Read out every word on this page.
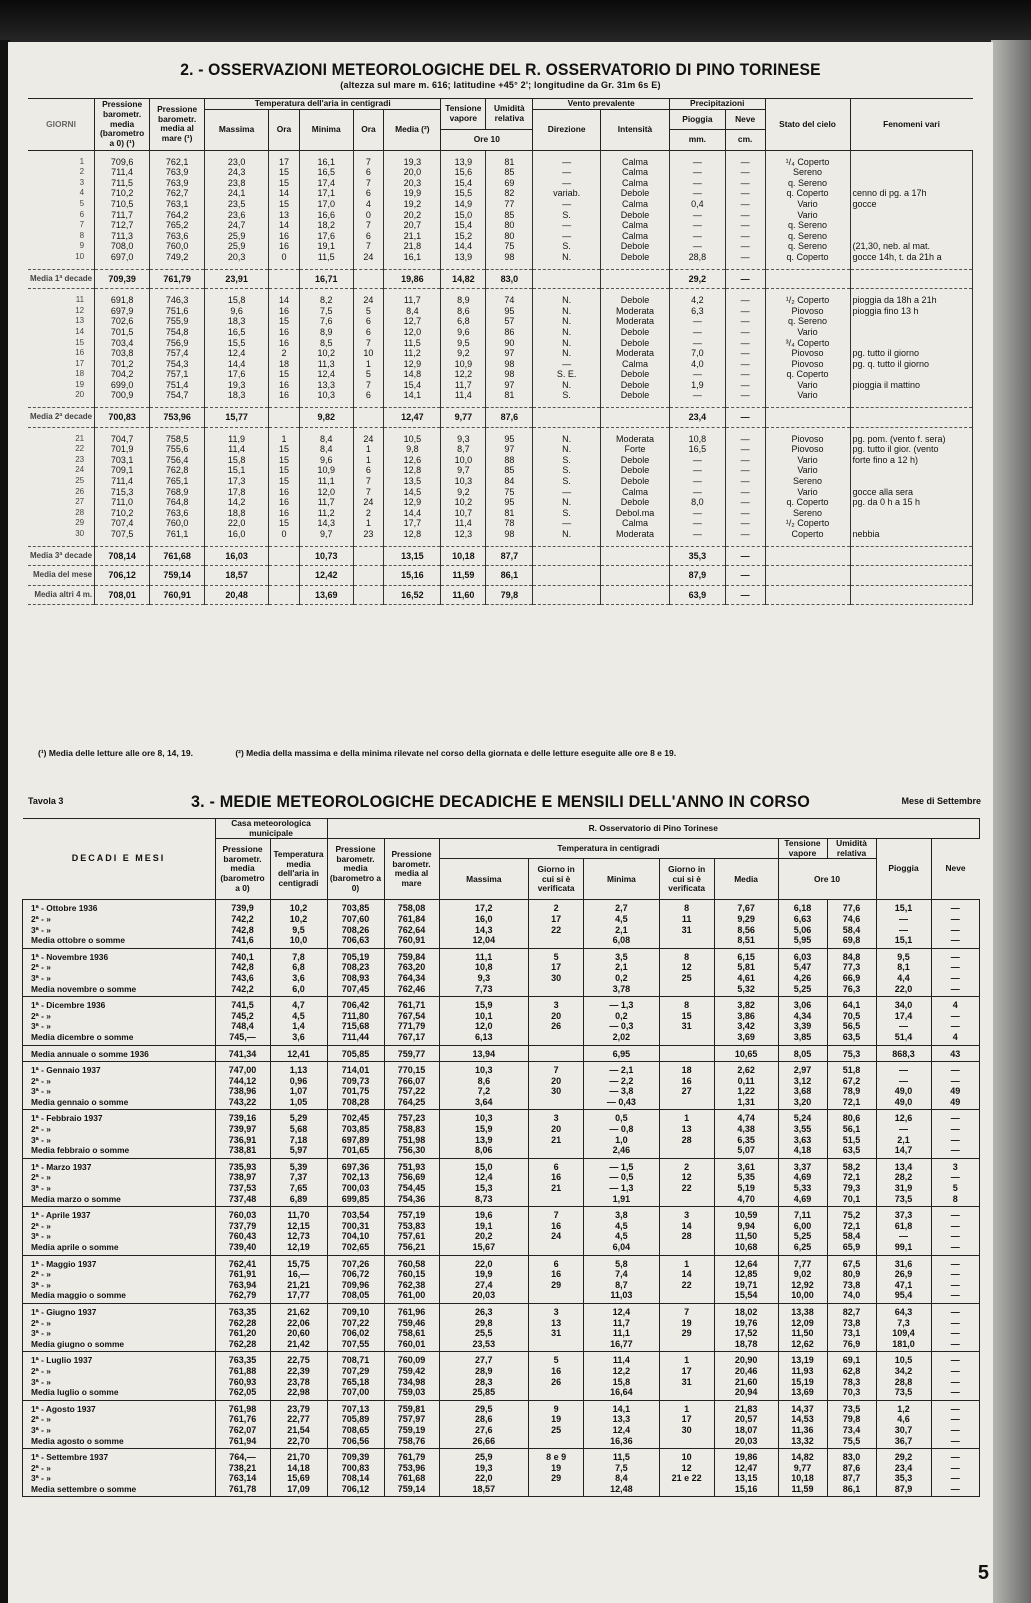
2. - OSSERVAZIONI METEOROLOGICHE DEL R. OSSERVATORIO DI PINO TORINESE
(altezza sul mare m. 616; latitudine +45° 2'; longitudine da Gr. 31m 6s E)
GIORNI	Pressione barometr. media (barometro a 0) (¹)	Pressione barometr. media al mare (¹)	Temperatura dell'aria in centigradi					Tensione vapore	Umidità relativa	Vento prevalente		Precipitazioni		Stato del cielo	Fenomeni vari
			Massima	Ora	Minima	Ora	Media (²)			Direzione	Intensità	Pioggia	Neve		
								Ore 10				mm.	cm.		
1	709,6	762,1	23,0	17	16,1	7	19,3	13,9	81	—	Calma	—	—	¹/₄ Coperto	
2	711,4	763,9	24,3	15	16,5	6	20,0	15,6	85	—	Calma	—	—	Sereno	
3	711,5	763,9	23,8	15	17,4	7	20,3	15,4	69	—	Calma	—	—	q. Sereno	
4	710,2	762,7	24,1	14	17,1	6	19,9	15,5	82	variab.	Debole	—	—	q. Coperto	cenno di pg. a 17h
5	710,5	763,1	23,5	15	17,0	4	19,2	14,9	77	—	Calma	0,4	—	Vario	gocce
6	711,7	764,2	23,6	13	16,6	0	20,2	15,0	85	S.	Debole	—	—	Vario	
7	712,7	765,2	24,7	14	18,2	7	20,7	15,4	80	—	Calma	—	—	q. Sereno	
8	711,3	763,6	25,9	16	17,6	6	21,1	15,2	80	—	Calma	—	—	q. Sereno	
9	708,0	760,0	25,9	16	19,1	7	21,8	14,4	75	S.	Debole	—	—	q. Sereno	(21,30, neb. al mat.
10	697,0	749,2	20,3	0	11,5	24	16,1	13,9	98	N.	Debole	28,8	—	q. Coperto	gocce 14h, t. da 21h a
Media 1ª decade	709,39	761,79	23,91		16,71		19,86	14,82	83,0			29,2	—		
11	691,8	746,3	15,8	14	8,2	24	11,7	8,9	74	N.	Debole	4,2	—	¹/₂ Coperto	pioggia da 18h a 21h
12	697,9	751,6	9,6	16	7,5	5	8,4	8,6	95	N.	Moderata	6,3	—	Piovoso	pioggia fino 13 h
13	702,6	755,9	18,3	15	7,6	6	12,7	6,8	57	N.	Moderata	—	—	q. Sereno	
14	701,5	754,8	16,5	16	8,9	6	12,0	9,6	86	N.	Debole	—	—	Vario	
15	703,4	756,9	15,5	16	8,5	7	11,5	9,5	90	N.	Debole	—	—	³/₄ Coperto	
16	703,8	757,4	12,4	2	10,2	10	11,2	9,2	97	N.	Moderata	7,0	—	Piovoso	pg. tutto il giorno
17	701,2	754,3	14,4	18	11,3	1	12,9	10,9	98	—	Calma	4,0	—	Piovoso	pg. q. tutto il giorno
18	704,2	757,1	17,6	15	12,4	5	14,8	12,2	98	S. E.	Debole	—	—	q. Coperto	
19	699,0	751,4	19,3	16	13,3	7	15,4	11,7	97	N.	Debole	1,9	—	Vario	pioggia il mattino
20	700,9	754,7	18,3	16	10,3	6	14,1	11,4	81	S.	Debole	—	—	Vario	
Media 2ª decade	700,83	753,96	15,77		9,82		12,47	9,77	87,6			23,4	—		
21	704,7	758,5	11,9	1	8,4	24	10,5	9,3	95	N.	Moderata	10,8	—	Piovoso	pg. pom. (vento f. sera)
22	701,9	755,6	11,4	15	8,4	1	9,8	8,7	97	N.	Forte	16,5	—	Piovoso	pg. tutto il gior. (vento
23	703,1	756,4	15,8	15	9,6	1	12,6	10,0	88	S.	Debole	—	—	Vario	forte fino a 12 h)
24	709,1	762,8	15,1	15	10,9	6	12,8	9,7	85	S.	Debole	—	—	Vario	
25	711,4	765,1	17,3	15	11,1	7	13,5	10,3	84	S.	Debole	—	—	Sereno	
26	715,3	768,9	17,8	16	12,0	7	14,5	9,2	75	—	Calma	—	—	Vario	gocce alla sera
27	711,0	764,8	14,2	16	11,7	24	12,9	10,2	95	N.	Debole	8,0	—	q. Coperto	pg. da 0 h a 15 h
28	710,2	763,6	18,8	16	11,2	2	14,4	10,7	81	S.	Debol.ma	—	—	Sereno	
29	707,4	760,0	22,0	15	14,3	1	17,7	11,4	78	—	Calma	—	—	¹/₂ Coperto	
30	707,5	761,1	16,0	0	9,7	23	12,8	12,3	98	N.	Moderata	—	—	Coperto	nebbia
Media 3ª decade	708,14	761,68	16,03		10,73		13,15	10,18	87,7			35,3	—		
Media del mese	706,12	759,14	18,57		12,42		15,16	11,59	86,1			87,9	—		
Media altri 4 m.	708,01	760,91	20,48		13,69		16,52	11,60	79,8			63,9	—		
(¹) Media delle letture alle ore 8, 14, 19.	(²) Media della massima e della minima rilevate nel corso della giornata e delle letture eseguite alle ore 8 e 19.
Tavola 3	3. - MEDIE METEOROLOGICHE DECADICHE E MENSILI DELL'ANNO IN CORSO	Mese di Settembre
DECADI E MESI	Casa meteorologica municipale		R. Osservatorio di Pino Torinese										
	Pressione barometr. media (barometro a 0)	Temperatura media dell'aria in centigradi	Pressione barometr. media (barometro a 0)	Pressione barometr. media al mare	Temperatura in centigradi					Tensione vapore	Umidità relativa	Pioggia	Neve
					Massima	Giorno in cui si è verificata	Minima	Giorno in cui si è verificata	Media	Ore 10			
1ª - Ottobre 1936	739,9	10,2	703,85	758,08	17,2	2	2,7	8	7,67	6,18	77,6	15,1	—
2ª - »	742,2	10,2	707,60	761,84	16,0	17	4,5	11	9,29	6,63	74,6	—	—
3ª - »	742,8	9,5	708,26	762,64	14,3	22	2,1	31	8,56	5,06	58,4	—	—
Media ottobre o somme	741,6	10,0	706,63	760,91	12,04		6,08		8,51	5,95	69,8	15,1	—
1ª - Novembre 1936	740,1	7,8	705,19	759,84	11,1	5	3,5	8	6,15	6,03	84,8	9,5	—
2ª - »	742,8	6,8	708,23	763,20	10,8	17	2,1	12	5,81	5,47	77,3	8,1	—
3ª - »	743,6	3,6	708,93	764,34	9,3	30	0,2	25	4,61	4,26	66,9	4,4	—
Media novembre o somme	742,2	6,0	707,45	762,46	7,73		3,78		5,32	5,25	76,3	22,0	—
1ª - Dicembre 1936	741,5	4,7	706,42	761,71	15,9	3	— 1,3	8	3,82	3,06	64,1	34,0	4
2ª - »	745,2	4,5	711,80	767,54	10,1	20	0,2	15	3,86	4,34	70,5	17,4	—
3ª - »	748,4	1,4	715,68	771,79	12,0	26	— 0,3	31	3,42	3,39	56,5	—	—
Media dicembre o somme	745,—	3,6	711,44	767,17	6,13		2,02		3,69	3,85	63,5	51,4	4
Media annuale o somme 1936	741,34	12,41	705,85	759,77	13,94		6,95		10,65	8,05	75,3	868,3	43
1ª - Gennaio 1937	747,00	1,13	714,01	770,15	10,3	7	— 2,1	18	2,62	2,97	51,8	—	—
2ª - »	744,12	0,96	709,73	766,07	8,6	20	— 2,2	16	0,11	3,12	67,2	—	—
3ª - »	738,96	1,07	701,75	757,22	7,2	30	— 3,8	27	1,22	3,68	78,9	49,0	49
Media gennaio o somme	743,22	1,05	708,28	764,25	3,64		— 0,43		1,31	3,20	72,1	49,0	49
1ª - Febbraio 1937	739,16	5,29	702,45	757,23	10,3	3	0,5	1	4,74	5,24	80,6	12,6	—
2ª - »	739,97	5,68	703,85	758,83	15,9	20	— 0,8	13	4,38	3,55	56,1	—	—
3ª - »	736,91	7,18	697,89	751,98	13,9	21	1,0	28	6,35	3,63	51,5	2,1	—
Media febbraio o somme	738,81	5,97	701,65	756,30	8,06		2,46		5,07	4,18	63,5	14,7	—
1ª - Marzo 1937	735,93	5,39	697,36	751,93	15,0	6	— 1,5	2	3,61	3,37	58,2	13,4	3
2ª - »	738,97	7,37	702,13	756,69	12,4	16	— 0,5	12	5,35	4,69	72,1	28,2	—
3ª - »	737,53	7,65	700,03	754,45	15,3	21	— 1,3	22	5,19	5,33	79,3	31,9	5
Media marzo o somme	737,48	6,89	699,85	754,36	8,73		1,91		4,70	4,69	70,1	73,5	8
1ª - Aprile 1937	760,03	11,70	703,54	757,19	19,6	7	3,8	3	10,59	7,11	75,2	37,3	—
2ª - »	737,79	12,15	700,31	753,83	19,1	16	4,5	14	9,94	6,00	72,1	61,8	—
3ª - »	760,43	12,73	704,10	757,61	20,2	24	4,5	28	11,50	5,25	58,4	—	—
Media aprile o somme	739,40	12,19	702,65	756,21	15,67		6,04		10,68	6,25	65,9	99,1	—
1ª - Maggio 1937	762,41	15,75	707,26	760,58	22,0	6	5,8	1	12,64	7,77	67,5	31,6	—
2ª - »	761,91	16,—	706,72	760,15	19,9	16	7,4	14	12,85	9,02	80,9	26,9	—
3ª - »	763,94	21,21	709,96	762,38	27,4	29	8,7	22	19,71	12,92	73,8	47,1	—
Media maggio o somme	762,79	17,77	708,05	761,00	20,03		11,03		15,54	10,00	74,0	95,4	—
1ª - Giugno 1937	763,35	21,62	709,10	761,96	26,3	3	12,4	7	18,02	13,38	82,7	64,3	—
2ª - »	762,28	22,06	707,22	759,46	29,8	13	11,7	19	19,76	12,09	73,8	7,3	—
3ª - »	761,20	20,60	706,02	758,61	25,5	31	11,1	29	17,52	11,50	73,1	109,4	—
Media giugno o somme	762,28	21,42	707,55	760,01	23,53		16,77		18,78	12,62	76,9	181,0	—
1ª - Luglio 1937	763,35	22,75	708,71	760,09	27,7	5	11,4	1	20,90	13,19	69,1	10,5	—
2ª - »	761,88	22,39	707,29	759,42	28,9	16	12,2	17	20,46	11,93	62,8	34,2	—
3ª - »	760,93	23,78	765,18	734,98	28,3	26	15,8	31	21,60	15,19	78,3	28,8	—
Media luglio o somme	762,05	22,98	707,00	759,03	25,85		16,64		20,94	13,69	70,3	73,5	—
1ª - Agosto 1937	761,98	23,79	707,13	759,81	29,5	9	14,1	1	21,83	14,37	73,5	1,2	—
2ª - »	761,76	22,77	705,89	757,97	28,6	19	13,3	17	20,57	14,53	79,8	4,6	—
3ª - »	762,07	21,54	708,65	759,19	27,6	25	12,4	30	18,07	11,36	73,4	30,7	—
Media agosto o somme	761,94	22,70	706,56	758,76	26,66		16,36		20,03	13,32	75,5	36,7	—
1ª - Settembre 1937	764,—	21,70	709,39	761,79	25,9	8 e 9	11,5	10	19,86	14,82	83,0	29,2	—
2ª - »	738,21	14,18	700,83	753,96	19,3	19	7,5	12	12,47	9,77	87,6	23,4	—
3ª - »	763,14	15,69	708,14	761,68	22,0	29	8,4	21 e 22	13,15	10,18	87,7	35,3	—
Media settembre o somme	761,78	17,09	706,12	759,14	18,57		12,48		15,16	11,59	86,1	87,9	—
5
